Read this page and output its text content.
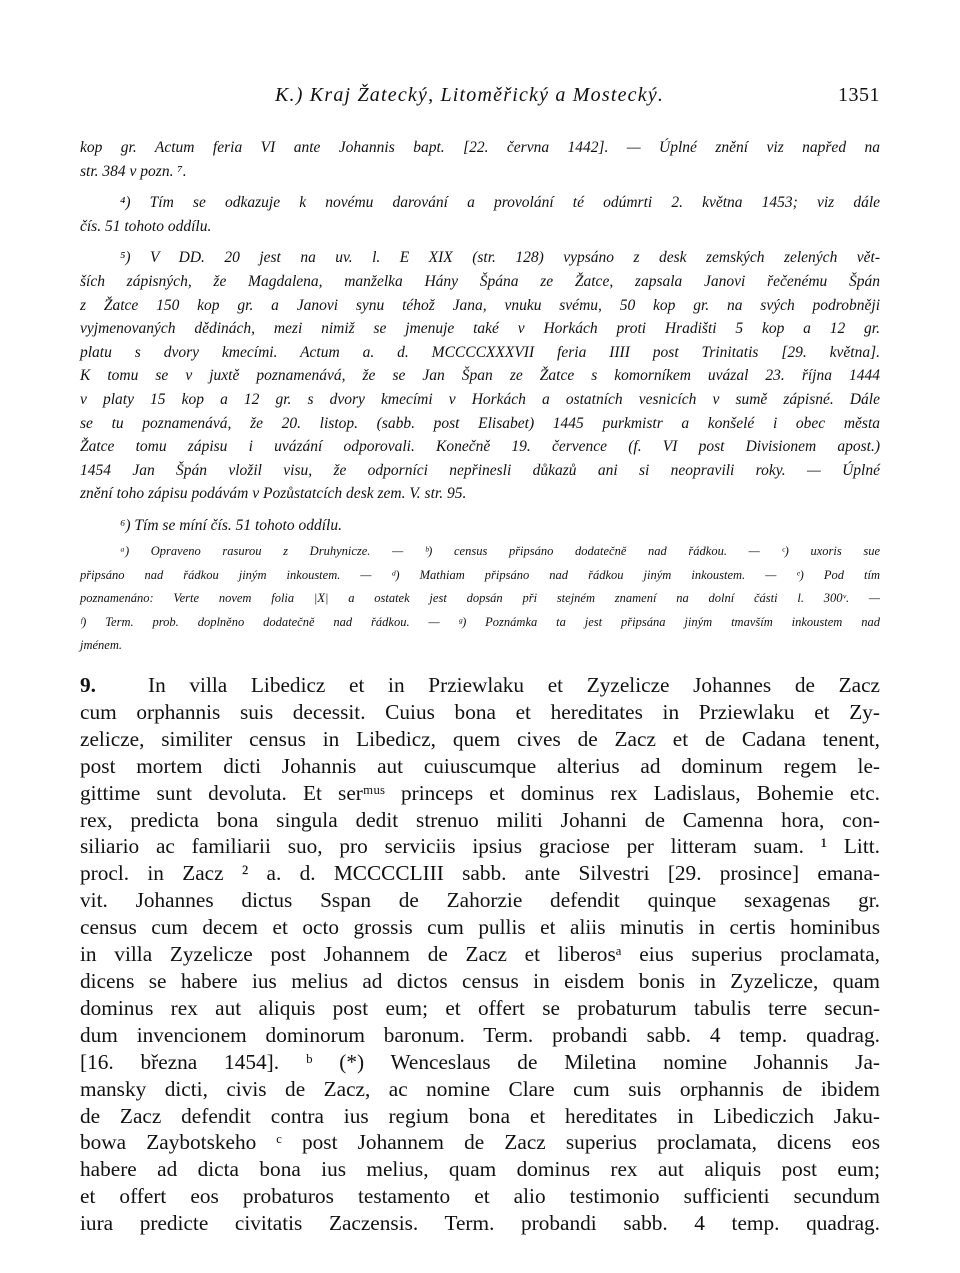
K.) Kraj Žatecký, Litoměřický a Mostecký.	1351

kop gr. Actum feria VI ante Johannis bapt. [22. června 1442]. — Úplné znění viz napřed na
str. 384 v pozn. ⁷.

⁴) Tím se odkazuje k novému darování a provolání té odúmrti 2. května 1453; viz dále
čís. 51 tohoto oddílu.

⁵) V DD. 20 jest na uv. l. E XIX (str. 128) vypsáno z desk zemských zelených vět-
ších zápisných, že Magdalena, manželka Hány Špána ze Žatce, zapsala Janovi řečenému Špán
z Žatce 150 kop gr. a Janovi synu téhož Jana, vnuku svému, 50 kop gr. na svých podrobněji
vyjmenovaných dědinách, mezi nimiž se jmenuje také v Horkách proti Hradišti 5 kop a 12 gr.
platu s dvory kmecími. Actum a. d. MCCCCXXXVII feria IIII post Trinitatis [29. května].
K tomu se v juxtě poznamenává, že se Jan Špan ze Žatce s komorníkem uvázal 23. října 1444
v platy 15 kop a 12 gr. s dvory kmecími v Horkách a ostatních vesnicích v sumě zápisné. Dále
se tu poznamenává, že 20. listop. (sabb. post Elisabet) 1445 purkmistr a konšelé i obec města
Žatce tomu zápisu i uvázání odporovali. Konečně 19. července (f. VI post Divisionem apost.)
1454 Jan Špán vložil visu, že odporníci nepřinesli důkazů ani si neopravili roky. — Úplné
znění toho zápisu podávám v Pozůstatcích desk zem. V. str. 95.

⁶) Tím se míní čís. 51 tohoto oddílu.

ᵃ) Opraveno rasurou z Druhynicze. — ᵇ) census připsáno dodatečně nad řádkou. — ᶜ) uxoris sue
připsáno nad řádkou jiným inkoustem. — ᵈ) Mathiam připsáno nad řádkou jiným inkoustem. — ᵉ) Pod tím
poznamenáno: Verte novem folia |X| a ostatek jest dopsán při stejném znamení na dolní části l. 300ᵛ. —
ᶠ) Term. prob. doplněno dodatečně nad řádkou. — ᵍ) Poznámka ta jest připsána jiným tmavším inkoustem nad
jménem.
9. In villa Libedicz et in Prziewlaku et Zyzelicze Johannes de Zacz
cum orphannis suis decessit. Cuius bona et hereditates in Prziewlaku et Zy-
zelicze, similiter census in Libedicz, quem cives de Zacz et de Cadana tenent,
post mortem dicti Johannis aut cuiuscumque alterius ad dominum regem le-
gittime sunt devoluta. Et serᵐᵘˢ princeps et dominus rex Ladislaus, Bohemie etc.
rex, predicta bona singula dedit strenuo militi Johanni de Camenna hora, con-
siliario ac familiarii suo, pro serviciis ipsius graciose per litteram suam. ¹ Litt.
procl. in Zacz ² a. d. MCCCCLIII sabb. ante Silvestri [29. prosince] emana-
vit. Johannes dictus Sspan de Zahorzie defendit quinque sexagenas gr.
census cum decem et octo grossis cum pullis et aliis minutis in certis hominibus
in villa Zyzelicze post Johannem de Zacz et liberosᵃ eius superius proclamata,
dicens se habere ius melius ad dictos census in eisdem bonis in Zyzelicze, quam
dominus rex aut aliquis post eum; et offert se probaturum tabulis terre secun-
dum invencionem dominorum baronum. Term. probandi sabb. 4 temp. quadrag.
[16. března 1454]. ᵇ (*) Wenceslaus de Miletina nomine Johannis Ja-
mansky dicti, civis de Zacz, ac nomine Clare cum suis orphannis de ibidem
de Zacz defendit contra ius regium bona et hereditates in Libediczich Jaku-
bowa Zaybotskeho ᶜ post Johannem de Zacz superius proclamata, dicens eos
habere ad dicta bona ius melius, quam dominus rex aut aliquis post eum;
et offert eos probaturos testamento et alio testimonio sufficienti secundum
iura predicte civitatis Zaczensis. Term. probandi sabb. 4 temp. quadrag.
